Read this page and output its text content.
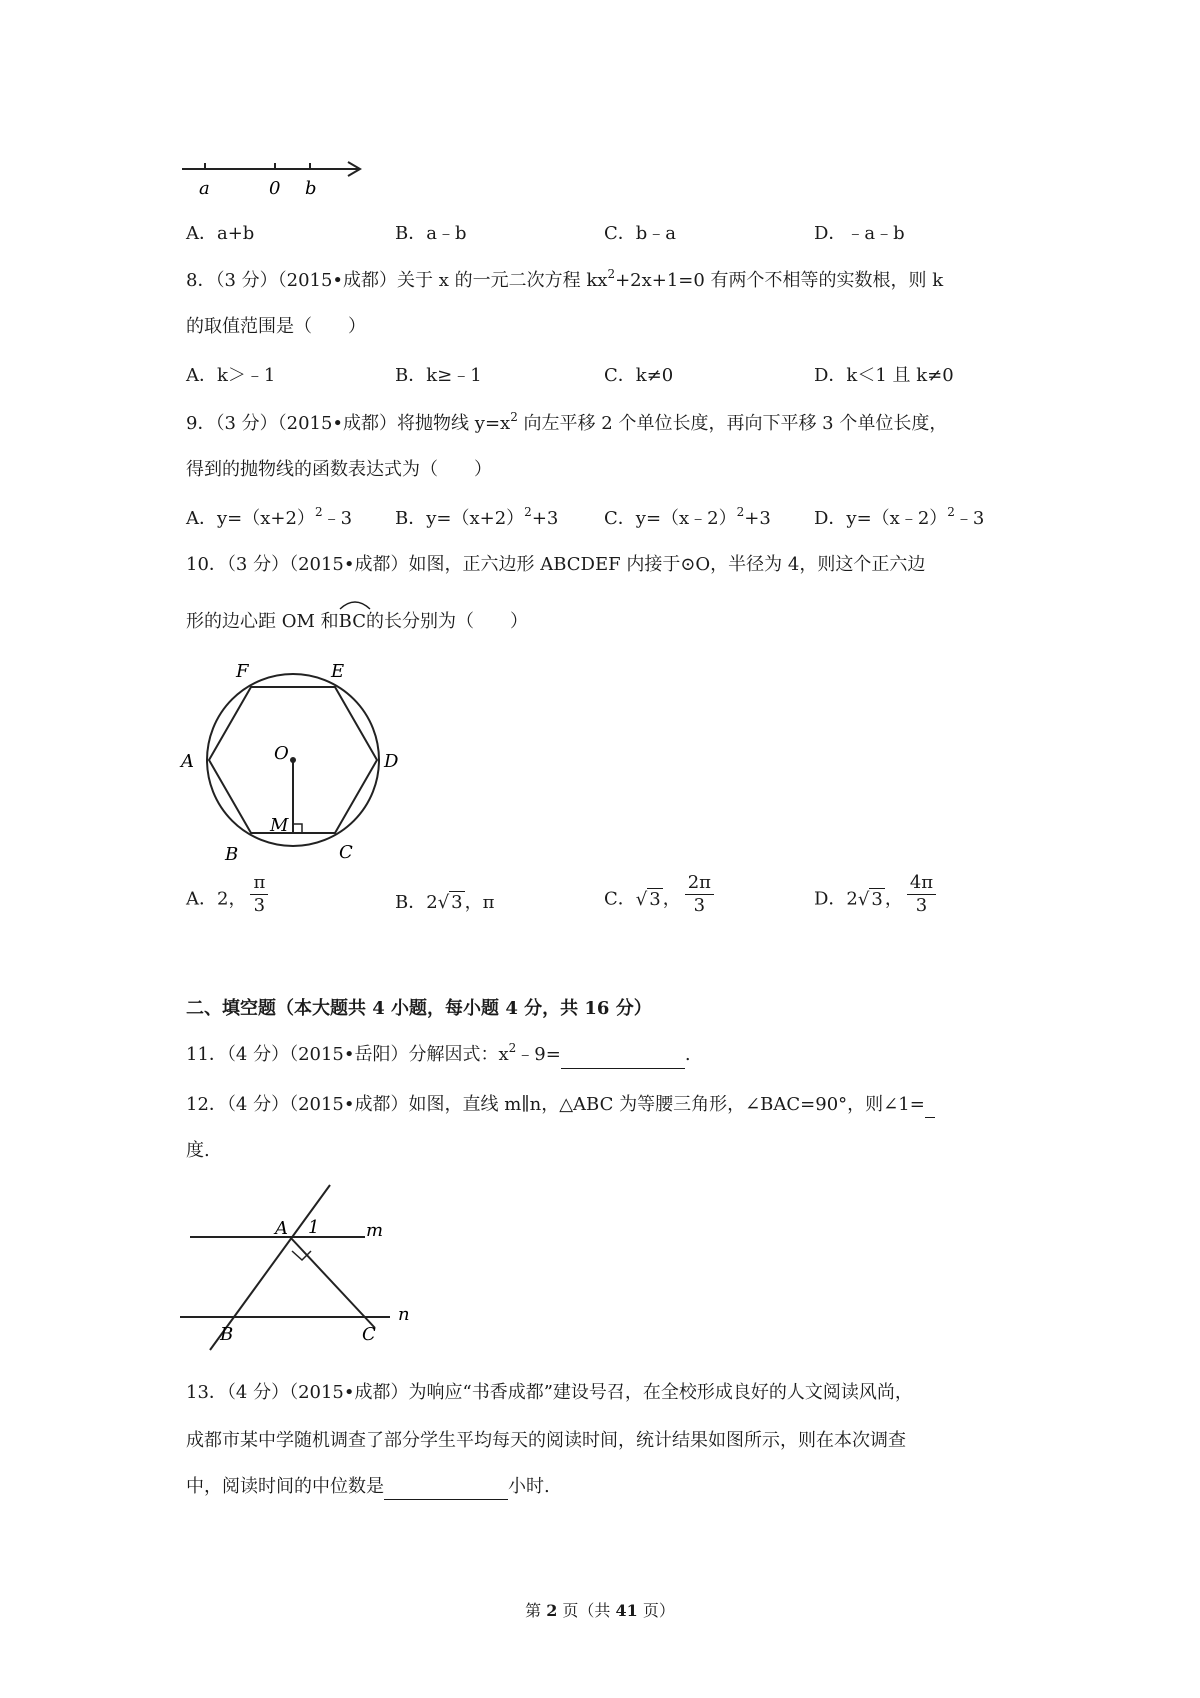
a	0 b
A．a+b	B．a﹣b	C．b﹣a	D．﹣a﹣b
8．（3 分）（2015•成都）关于 x 的一元二次方程 $kx^2+2x+1=0$ 有两个不相等的实数根，则 k
的取值范围是（　　）
A．k＞﹣1	B．k≥﹣1	C．k≠0	D．k＜1 且 k≠0
9．（3 分）（2015•成都）将抛物线 $y=x^2$ 向左平移 2 个单位长度，再向下平移 3 个单位长度，
得到的抛物线的函数表达式为（　　）
A．$y=(x+2)^2﹣3$ B．$y=(x+2)^2+3$	C．y=（x﹣2）$^2$+3 D．y=（x﹣2）$^2$﹣3
10．（3 分）（2015•成都）如图，正六边形 ABCDEF 内接于⊙O，半径为 4，则这个正六边
形的边心距 OM 和
BC的长分别为（　　）
F	E
A	D
O
M
B	C
A．2， $\frac{\pi}{3}$	B．2√ 3 ，π	C．√ 3 ， $\frac{2\pi}{3}$	D．2√ 3 ， $\frac{4\pi}{3}$
二、填空题（本大题共 4 小题，每小题 4 分，共 16 分）
11．（4 分）（2015•岳阳）分解因式：$x^2﹣9=$	.
12．（4 分）（2015•成都）如图，直线 m∥n，△ABC 为等腰三角形，∠BAC=90°，则∠1=
度.
A 1	m
n
B	C
13．（4 分）（2015•成都）为响应“书香成都”建设号召，在全校形成良好的人文阅读风尚，
成都市某中学随机调查了部分学生平均每天的阅读时间，统计结果如图所示，则在本次调查
中，阅读时间的中位数是	小时.
第 2 页（共 41 页）
